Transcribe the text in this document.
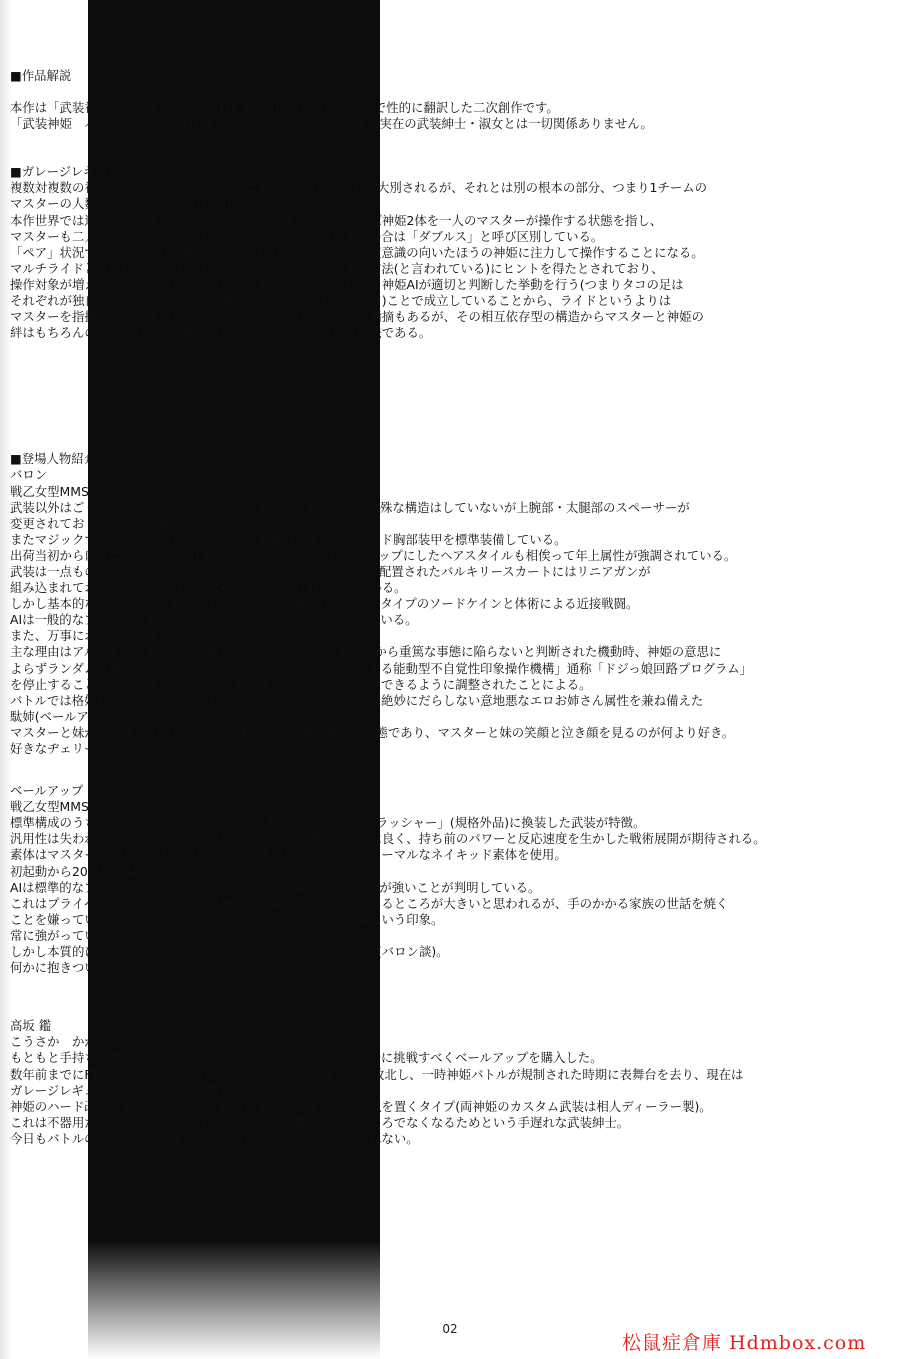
■作品解説

本作は「武装神姫　バトルマスターズMk-2」の世界観を独自解釈で性的に翻訳した二次創作です。

「武装神姫　バトルマスターズMk-2」「アニメ　武装神姫」および実在の武装紳士・淑女とは一切関係ありません。

■ガレージレギュレーション「タッグマッチ」

複数対複数の神姫を用いた対戦ルールは主に1チームの神姫の数で大別されるが、それとは別の根本の部分、つまり1チームの

マスターの人数によってさらに分けられている。

本作世界では通例として単に「ペア」あるいは「タッグ」と言えば神姫2体を一人のマスターが操作する状態を指し、

マスターも二人で、それぞれが一体の神姫にライドして対戦する場合は「ダブルス」と呼び区別している。

「ペア」状況でのマスターは比較的浅い感覚転移状態で、その都度意識の向いたほうの神姫に注力して操作することになる。

マルチライドと呼ばれるこの技術は、タコが自分の足を制御する方法(と言われている)にヒントを得たとされており、

操作対象が増えることで散漫かつ曖昧になる脳からの指令に対し、神姫AIが適切と判断した挙動を行う(つまりタコの足は

それぞれが独自に一定の思考を持って動いている…と言われている)ことで成立していることから、ライドというよりは

マスターを指揮官とした集団という側面が強いのではないかとの指摘もあるが、その相互依存型の構造からマスターと神姫の

絆はもちろんのこと、日頃の訓練が大切になる上級者向けの操作法である。

■登場人物紹介

バロン

戦乙女型MMSアルトレーネ

武装以外はごくノーマルな設計のアルトレーネ型で、取り立てて特殊な構造はしていないが上腕部・太腿部のスペーサーが

変更されておりノーマルの素体より手足が長く長身。

またマジックマーケット社のお家芸である人肌素材によるネイキッド胸部装甲を標準装備している。

出荷当初から口元にほくろがあり(素材のムラからくる個体差)、アップにしたヘアスタイルも相俟って年上属性が強調されている。

武装は一点もののパーツと通常武装のハイブリッドで、ケープ状に配置されたバルキリースカートにはリニアガンが

組み込まれており、武装自体は射撃に重点を置いた仕様になっている。

しかし基本的な戦闘嗜好は変わっておらず、主たる戦術はステッキタイプのソードケインと体術による近接戦闘。

AIは一般的なアルトレーネ型に比較すると落ち着きがあり大人びている。

また、万事において一級策士。

主な理由はアルトレーネ型が標準搭載している、「三重の未来予測から重篤な事態に陥らないと判断された機動時、神姫の意思に

よらずランダムに機体制御に失敗することで製品イメージを強化する能動型不自覚性印象操作機構」通称「ドジっ娘回路プログラム」

を停止することで、群を抜いて強力な未来予測エンジンを常時活用できるように調整されたことによる。

バトルでは格好良くて綺麗な男装のお姉さんだがプライベートでは絶妙にだらしない意地悪なエロお姉さん属性を兼ね備えた

駄姉(ベールアップ談)。

マスターと妹が大好きで丁寧なSと上品なMの両方を兼ね備えた変態であり、マスターと妹の笑顔と泣き顔を見るのが何より好き。

好きなヂェリーは赤ワイン。

ベールアップ

戦乙女型MMSアルトアイネス

標準構成のうち、副腕をK社製大型パイルバンカー「スパイラルクラッシャー」(規格外品)に換装した武装が特徴。

汎用性は失われたが元々近接戦闘向けに設計された本機との相性は良く、持ち前のパワーと反応速度を生かした戦術展開が期待される。

素体はマスターの個人的基本方針として着衣運用を想定したごくノーマルなネイキッド素体を使用。

初起動から20日程でAIは未成熟。

AIは標準的なアルトアイネス型に準じているが、本機は内弁慶傾向が強いことが判明している。

これはプライベートではだらしない姉神姫と、寛容なマスターによるところが大きいと思われるが、手のかかる家族の世話を焼く

ことを嫌っている訳ではなく、二人が大好きなしっかりものの妹という印象。

常に強がっているが臆病であり、バトルにはあまり向いていない。

しかし本質的にはS気質であるらしく、開花が楽しみであるという(バロン談)。

何かに抱きついていないと眠れない。

高坂 鑑

こうさか　かがみ　◯学生

もともと手持ちの神姫はバロンのみだったが、マルチライドバトルに挑戦すべくベールアップを購入した。

数年前までにF1ランカー級の腕を持っていたが、とある主人公に敗北し、一時神姫バトルが規制された時期に表舞台を去り、現在は

ガレージレギュレーションを専門に嗜む程度のバトルをしている。

神姫のハード改造技術はあまりなく、操作技術とソフト設計に重点を置くタイプ(両神姫のカスタム武装は相人ディーラー製)。

これは不器用だからというわけではなく、神姫関節趣味で改造どころでなくなるためという手遅れな武装紳士。

今日もバトルの間チラ見えしまくりな引き出し股関節から目が放れない。

02
松鼠症倉庫 Hdmbox.com
